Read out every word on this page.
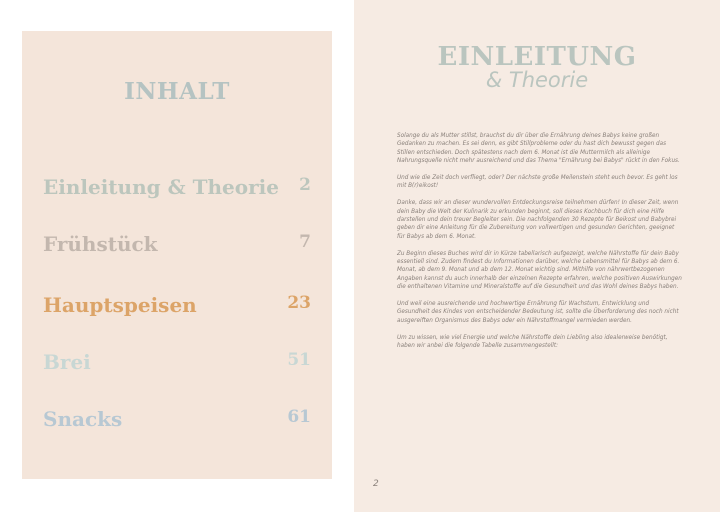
INHALT
Einleitung & Theorie 2
Frühstück	7
Hauptspeisen	23
Brei	51
Snacks	61
EINLEITUNG
& Theorie

Solange du als Mutter stillst, brauchst du dir über die Ernährung deines Babys keine großen Gedanken zu machen. Es sei denn, es gibt Stillprobleme oder du hast dich bewusst gegen das Stillen entschieden. Doch spätestens nach dem 6. Monat ist die Muttermilch als alleinige Nahrungsquelle nicht mehr ausreichend und das Thema "Ernährung bei Babys" rückt in den Fokus.

Und wie die Zeit doch verfliegt, oder? Der nächste große Meilenstein steht euch bevor. Es geht los mit B(r)eikost!

Danke, dass wir an dieser wundervollen Entdeckungsreise teilnehmen dürfen! In dieser Zeit, wenn dein Baby die Welt der Kulinarik zu erkunden beginnt, soll dieses Kochbuch für dich eine Hilfe darstellen und dein treuer Begleiter sein. Die nachfolgenden 30 Rezepte für Beikost und Babybrei geben dir eine Anleitung für die Zubereitung von vollwertigen und gesunden Gerichten, geeignet für Babys ab dem 6. Monat.

Zu Beginn dieses Buches wird dir in Kürze tabellarisch aufgezeigt, welche Nährstoffe für dein Baby essentiell sind. Zudem findest du Informationen darüber, welche Lebensmittel für Babys ab dem 6. Monat, ab dem 9. Monat und ab dem 12. Monat wichtig sind. Mithilfe von nährwertbezogenen Angaben kannst du auch innerhalb der einzelnen Rezepte erfahren, welche positiven Auswirkungen die enthaltenen Vitamine und Mineralstoffe auf die Gesundheit und das Wohl deines Babys haben.

Und weil eine ausreichende und hochwertige Ernährung für Wachstum, Entwicklung und Gesundheit des Kindes von entscheidender Bedeutung ist, sollte die Überforderung des noch nicht ausgereiften Organismus des Babys oder ein Nährstoffmangel vermieden werden.

Um zu wissen, wie viel Energie und welche Nährstoffe dein Liebling also idealerweise benötigt, haben wir anbei die folgende Tabelle zusammengestellt:

2
